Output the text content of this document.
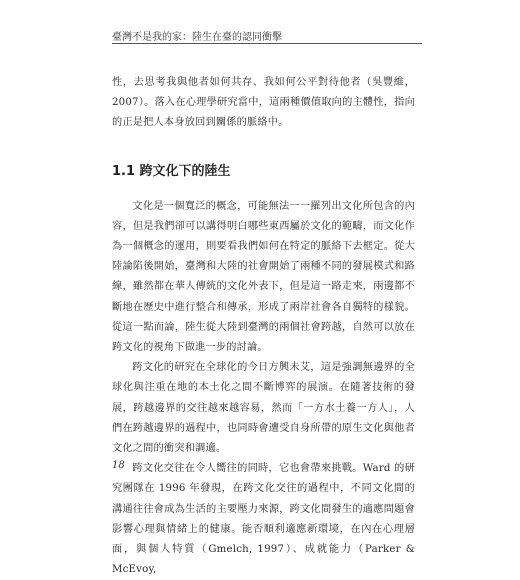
臺灣不是我的家：陸生在臺的認同衝擊

性，去思考我與他者如何共存、我如何公平對待他者（吳豐維，2007）。落入在心理學研究當中，這兩種價值取向的主體性，指向的正是把人本身放回到關係的脈絡中。

1.1 跨文化下的陸生

文化是一個寬泛的概念，可能無法一一羅列出文化所包含的內容，但是我們卻可以講得明白哪些東西屬於文化的範疇，而文化作為一個概念的運用，則要看我們如何在特定的脈絡下去框定。從大陸論陷後開始，臺灣和大陸的社會開始了兩種不同的發展模式和路線，雖然都在華人傳統的文化外表下，但是這一路走來，兩邊都不斷地在歷史中進行整合和傳承，形成了兩岸社會各自獨特的樣貌。從這一點而論，陸生從大陸到臺灣的兩個社會跨越，自然可以放在跨文化的視角下做進一步的討論。

跨文化的研究在全球化的今日方興未艾，這是強調無邊界的全球化與注重在地的本土化之間不斷博弈的展演。在隨著技術的發展，跨越邊界的交往越來越容易，然而「一方水土養一方人」，人們在跨越邊界的過程中，也同時會遭受自身所帶的原生文化與他者文化之間的衝突和調適。

跨文化交往在令人嚮往的同時，它也會帶來挑戰。Ward 的研究團隊在 1996 年發現，在跨文化交往的過程中，不同文化間的溝通往往會成為生活的主要壓力來源，跨文化間發生的適應問題會影響心理與情緒上的健康。能否順利適應新環境，在內在心理層面，與個人特質（Gmelch, 1997）、成就能力（Parker & McEvoy,

18
